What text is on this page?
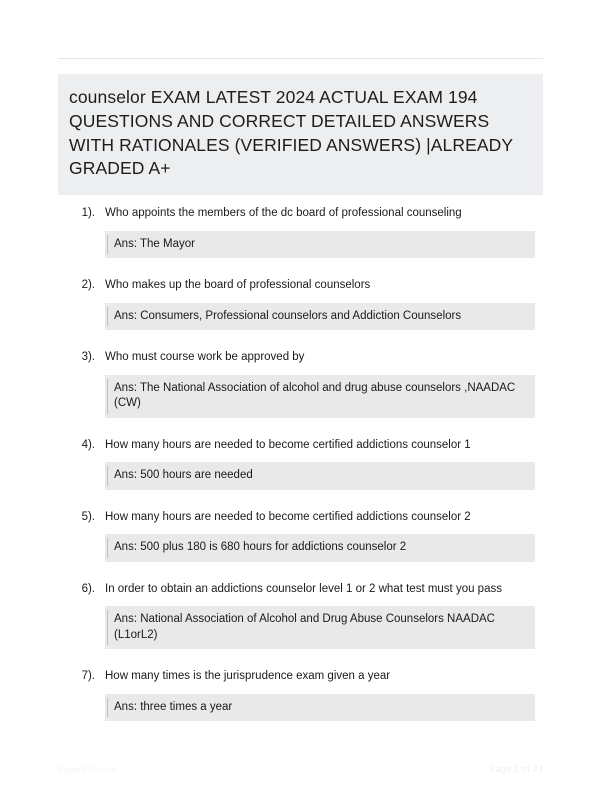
counselor EXAM LATEST 2024 ACTUAL EXAM 194 QUESTIONS AND CORRECT DETAILED ANSWERS WITH RATIONALES (VERIFIED ANSWERS) |ALREADY GRADED A+
1). Who appoints the members of the dc board of professional counseling
Ans: The Mayor
2). Who makes up the board of professional counselors
Ans: Consumers, Professional counselors and Addiction Counselors
3). Who must course work be approved by
Ans: The National Association of alcohol and drug abuse counselors ,NAADAC (CW)
4). How many hours are needed to become certified addictions counselor 1
Ans: 500 hours are needed
5). How many hours are needed to become certified addictions counselor 2
Ans: 500 plus 180 is 680 hours for addictions counselor 2
6). In order to obtain an addictions counselor level 1 or 2 what test must you pass
Ans: National Association of Alcohol and Drug Abuse Counselors NAADAC (L1orL2)
7). How many times is the jurisprudence exam given a year
Ans: three times a year
PaperStic.com	Page 1 of 23
